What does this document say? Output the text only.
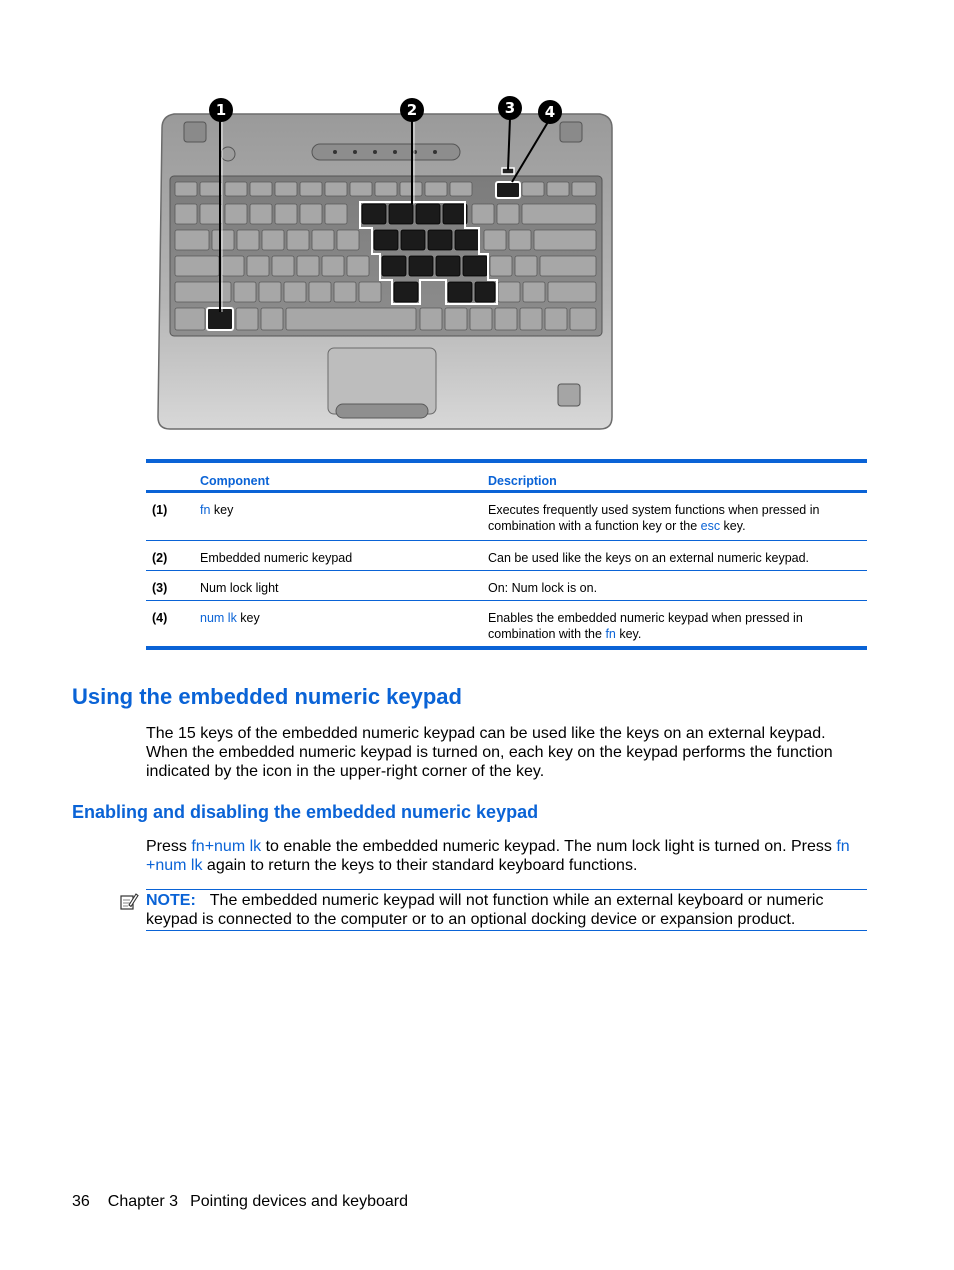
1	2	3 4
Component	Description
(1)	fn key	Executes frequently used system functions when pressed in combination with a function key or the esc key.
(2)	Embedded numeric keypad	Can be used like the keys on an external numeric keypad.
(3)	Num lock light	On: Num lock is on.
(4)	num lk key	Enables the embedded numeric keypad when pressed in combination with the fn key.
Using the embedded numeric keypad

The 15 keys of the embedded numeric keypad can be used like the keys on an external keypad. When the embedded numeric keypad is turned on, each key on the keypad performs the function indicated by the icon in the upper-right corner of the key.

Enabling and disabling the embedded numeric keypad

Press fn+num lk to enable the embedded numeric keypad. The num lock light is turned on. Press fn +num lk again to return the keys to their standard keyboard functions.

NOTE: The embedded numeric keypad will not function while an external keyboard or numeric keypad is connected to the computer or to an optional docking device or expansion product.

36 Chapter 3 Pointing devices and keyboard
